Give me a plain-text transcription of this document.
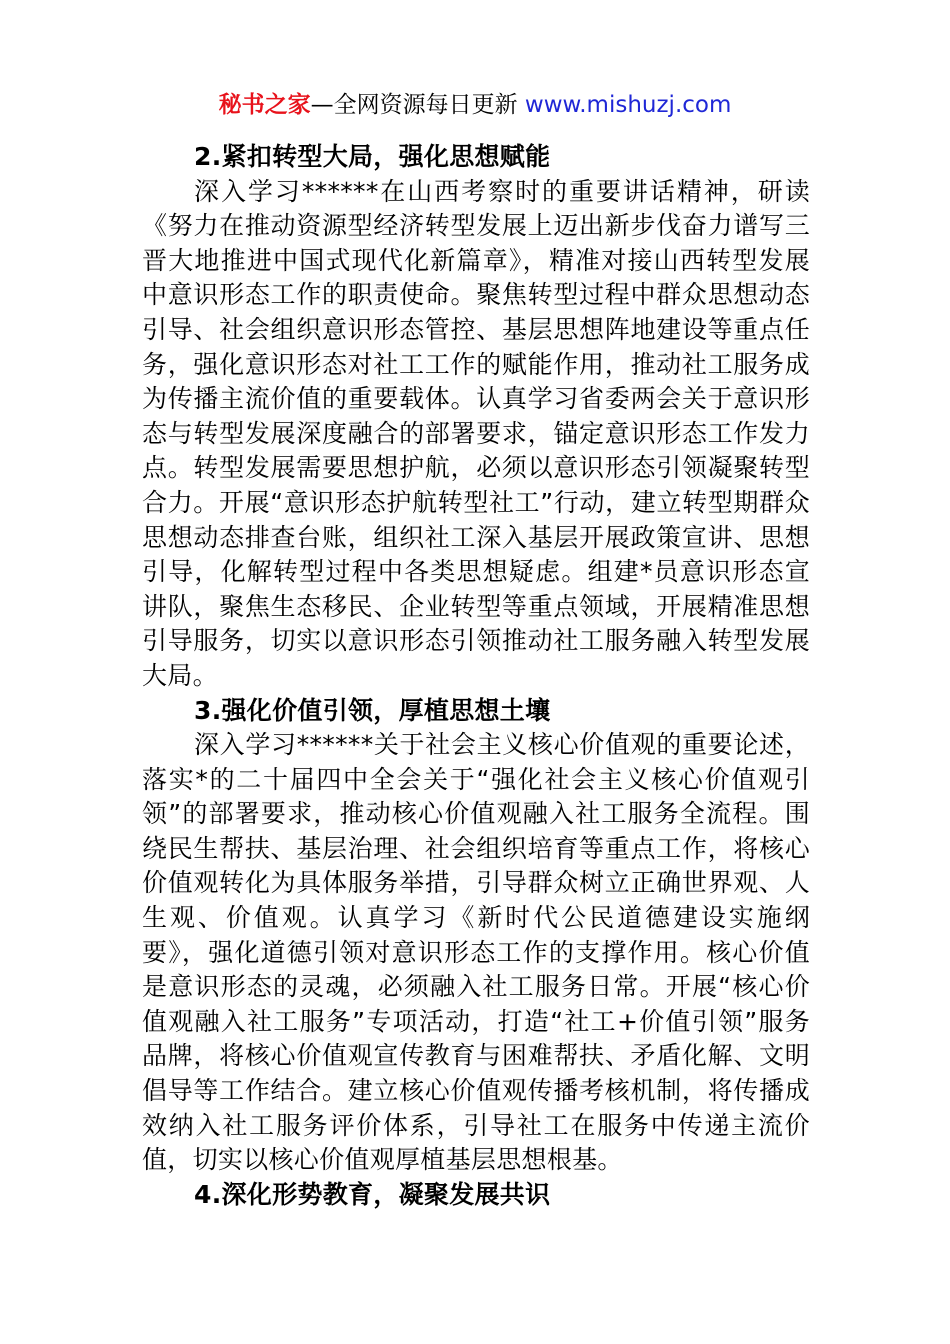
秘书之家—全网资源每日更新 www.mishuzj.com

2.紧扣转型大局，强化思想赋能

深入学习******在山西考察时的重要讲话精神，研读《努力在推动资源型经济转型发展上迈出新步伐奋力谱写三晋大地推进中国式现代化新篇章》，精准对接山西转型发展中意识形态工作的职责使命。聚焦转型过程中群众思想动态引导、社会组织意识形态管控、基层思想阵地建设等重点任务，强化意识形态对社工工作的赋能作用，推动社工服务成为传播主流价值的重要载体。认真学习省委两会关于意识形态与转型发展深度融合的部署要求，锚定意识形态工作发力点。转型发展需要思想护航，必须以意识形态引领凝聚转型合力。开展“意识形态护航转型社工”行动，建立转型期群众思想动态排查台账，组织社工深入基层开展政策宣讲、思想引导，化解转型过程中各类思想疑虑。组建*员意识形态宣讲队，聚焦生态移民、企业转型等重点领域，开展精准思想引导服务，切实以意识形态引领推动社工服务融入转型发展大局。

3.强化价值引领，厚植思想土壤

深入学习******关于社会主义核心价值观的重要论述，落实*的二十届四中全会关于“强化社会主义核心价值观引领”的部署要求，推动核心价值观融入社工服务全流程。围绕民生帮扶、基层治理、社会组织培育等重点工作，将核心价值观转化为具体服务举措，引导群众树立正确世界观、人生观、价值观。认真学习《新时代公民道德建设实施纲要》，强化道德引领对意识形态工作的支撑作用。核心价值是意识形态的灵魂，必须融入社工服务日常。开展“核心价值观融入社工服务”专项活动，打造“社工+价值引领”服务品牌，将核心价值观宣传教育与困难帮扶、矛盾化解、文明倡导等工作结合。建立核心价值观传播考核机制，将传播成效纳入社工服务评价体系，引导社工在服务中传递主流价值，切实以核心价值观厚植基层思想根基。

4.深化形势教育，凝聚发展共识
